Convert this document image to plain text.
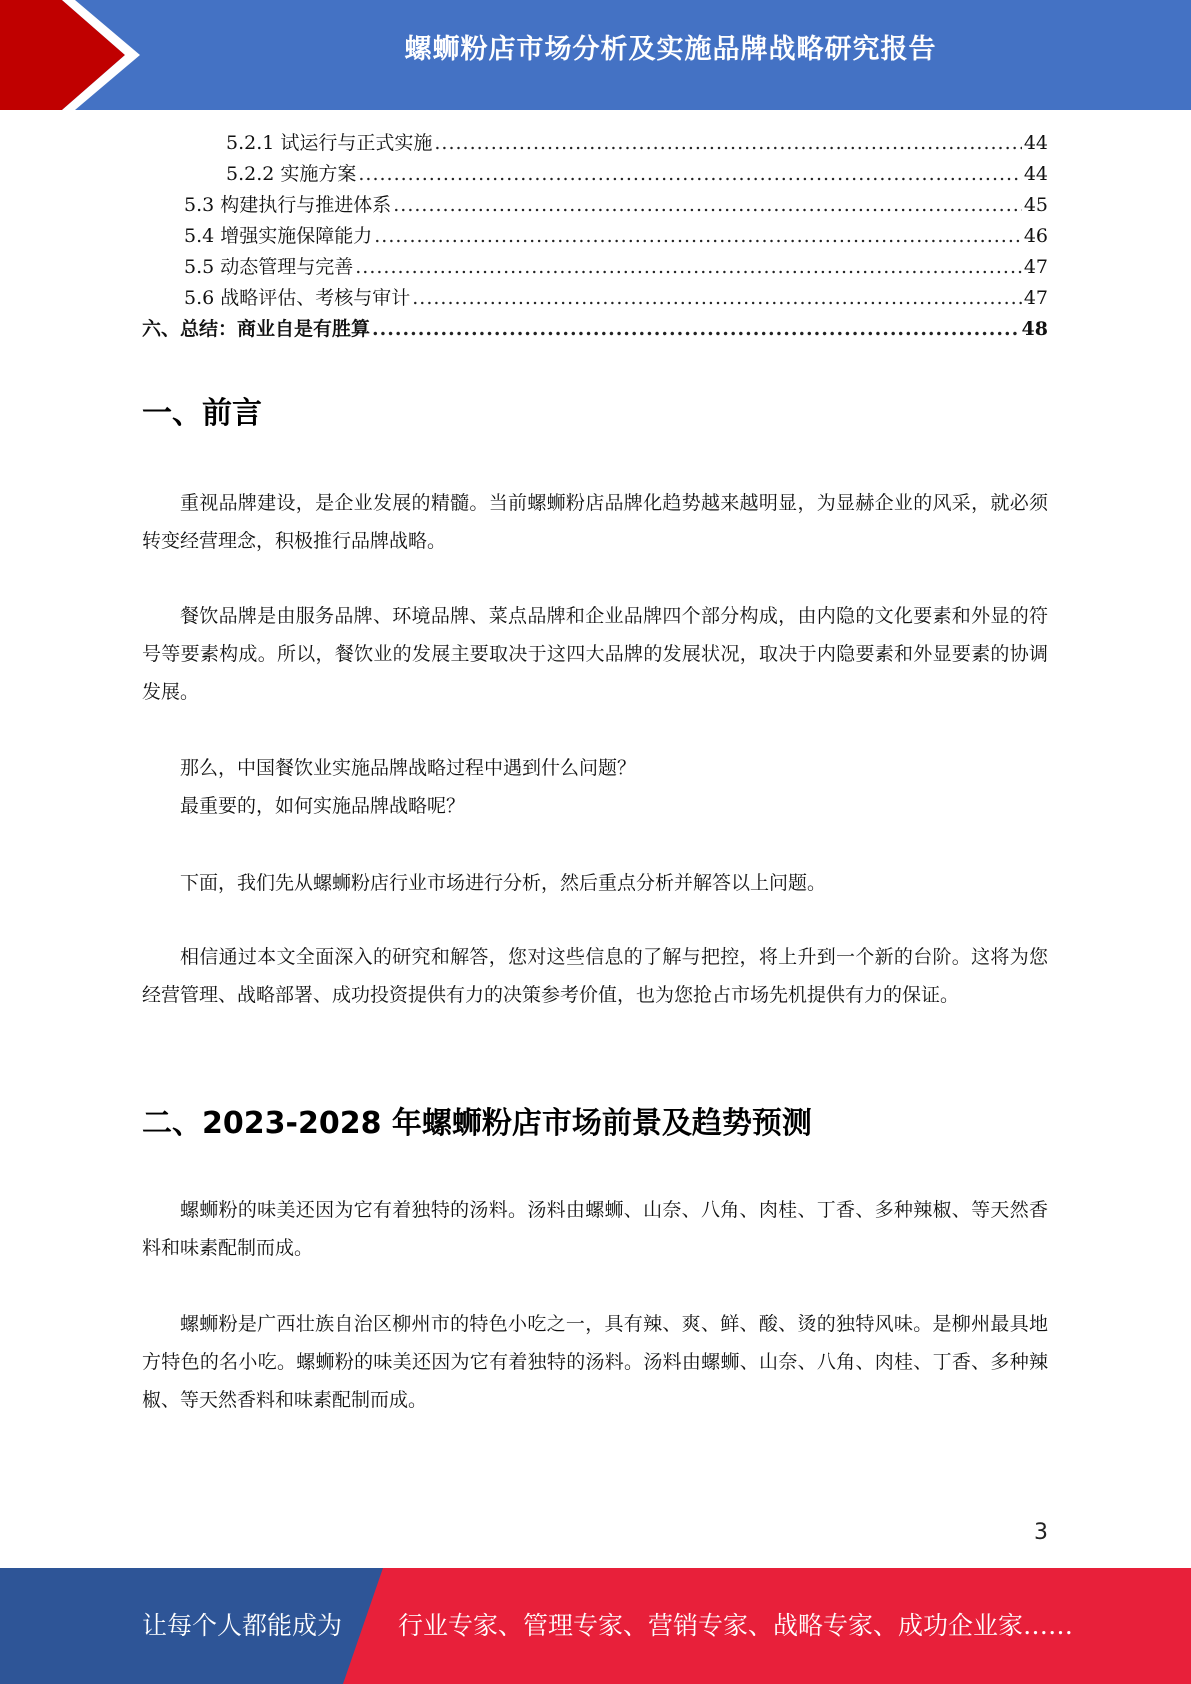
螺蛳粉店市场分析及实施品牌战略研究报告
5.2.1 试运行与正式实施 .....	44
5.2.2 实施方案 .....	44
5.3 构建执行与推进体系 .....	45
5.4 增强实施保障能力 .....	46
5.5 动态管理与完善 .....	47
5.6 战略评估、考核与审计 .....	47
六、总结：商业自是有胜算 .....	48
一、前言
重视品牌建设，是企业发展的精髓。当前螺蛳粉店品牌化趋势越来越明显，为显赫企业的风采，就必须转变经营理念，积极推行品牌战略。
餐饮品牌是由服务品牌、环境品牌、菜点品牌和企业品牌四个部分构成，由内隐的文化要素和外显的符号等要素构成。所以，餐饮业的发展主要取决于这四大品牌的发展状况，取决于内隐要素和外显要素的协调发展。
那么，中国餐饮业实施品牌战略过程中遇到什么问题？
最重要的，如何实施品牌战略呢？
下面，我们先从螺蛳粉店行业市场进行分析，然后重点分析并解答以上问题。
相信通过本文全面深入的研究和解答，您对这些信息的了解与把控，将上升到一个新的台阶。这将为您经营管理、战略部署、成功投资提供有力的决策参考价值，也为您抢占市场先机提供有力的保证。
二、2023-2028 年螺蛳粉店市场前景及趋势预测
螺蛳粉的味美还因为它有着独特的汤料。汤料由螺蛳、山奈、八角、肉桂、丁香、多种辣椒、等天然香料和味素配制而成。
螺蛳粉是广西壮族自治区柳州市的特色小吃之一，具有辣、爽、鲜、酸、烫的独特风味。是柳州最具地方特色的名小吃。螺蛳粉的味美还因为它有着独特的汤料。汤料由螺蛳、山奈、八角、肉桂、丁香、多种辣椒、等天然香料和味素配制而成。
3
让每个人都能成为 行业专家、管理专家、营销专家、战略专家、成功企业家……
